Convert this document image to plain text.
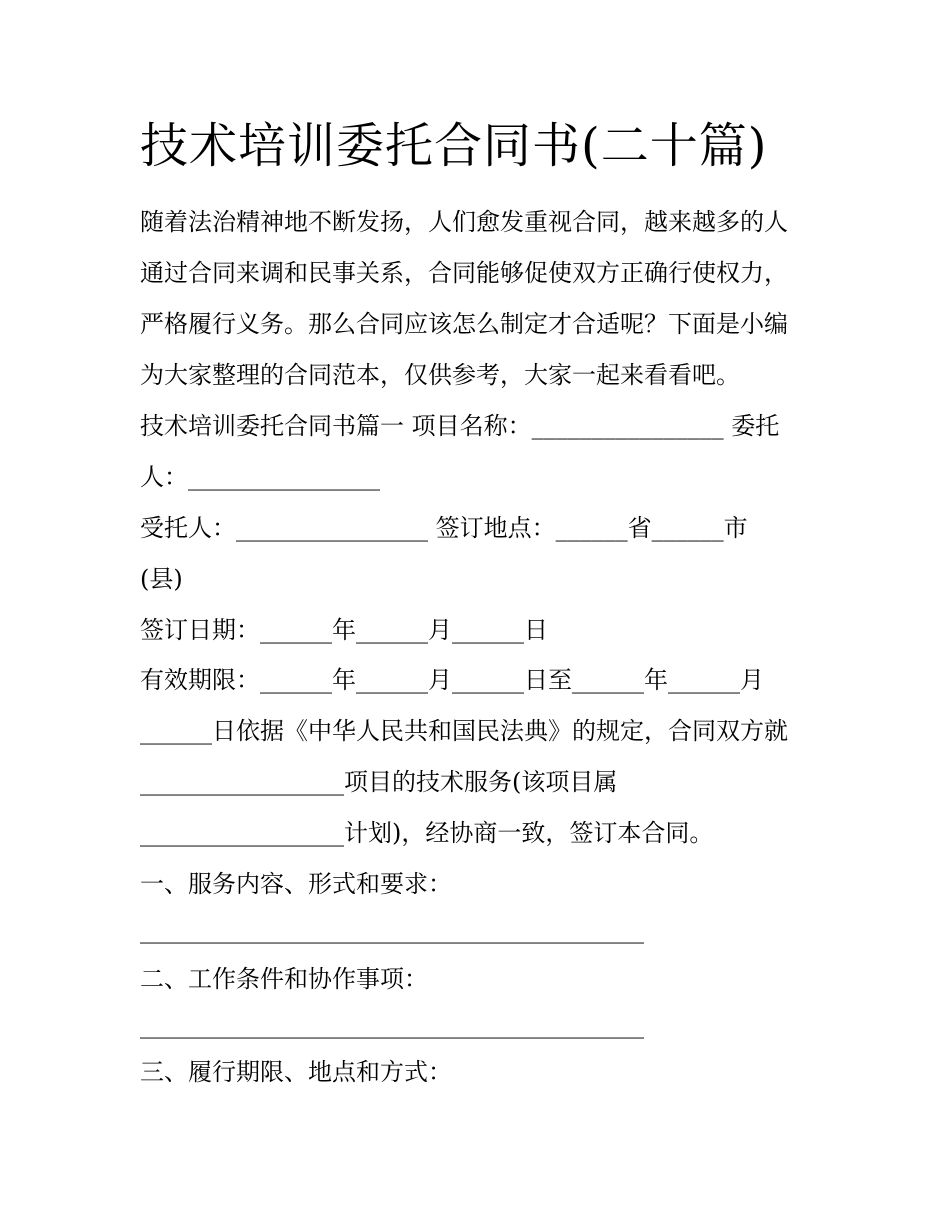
技术培训委托合同书(二十篇)
随着法治精神地不断发扬，人们愈发重视合同，越来越多的人
通过合同来调和民事关系，合同能够促使双方正确行使权力，
严格履行义务。那么合同应该怎么制定才合适呢？下面是小编
为大家整理的合同范本，仅供参考，大家一起来看看吧。
技术培训委托合同书篇一 项目名称：________________ 委托
人：________________
受托人：________________ 签订地点：______省______市
(县)
签订日期：______年______月______日
有效期限：______年______月______日至______年______月
______日依据《中华人民共和国民法典》的规定，合同双方就
_________________项目的技术服务(该项目属
_________________计划)，经协商一致，签订本合同。
一、服务内容、形式和要求：
__________________________________________
二、工作条件和协作事项：
__________________________________________
三、履行期限、地点和方式：
